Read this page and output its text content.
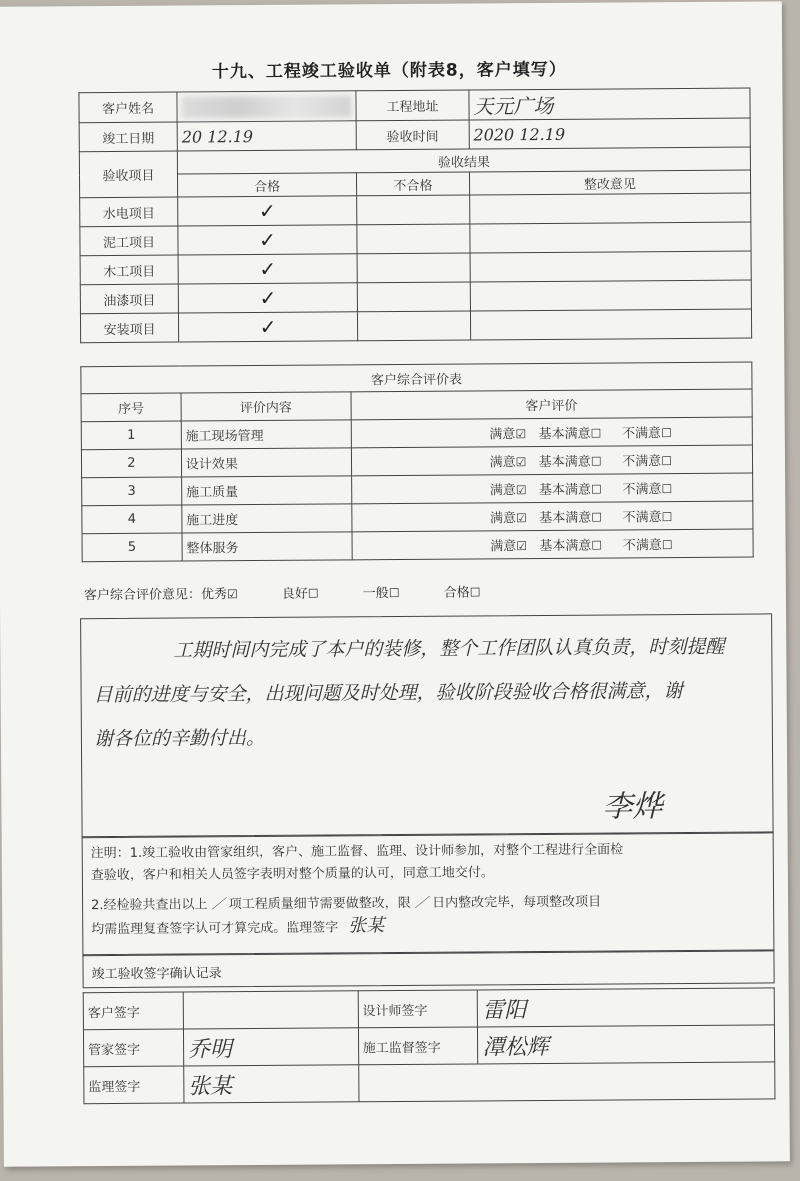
十九、工程竣工验收单（附表8，客户填写）
客户姓名		工程地址	天元广场
竣工日期	20 12.19	验收时间	2020 12.19
验收项目	验收结果		
	合格	不合格	整改意见
水电项目	✓		
泥工项目	✓		
木工项目	✓		
油漆项目	✓		
安装项目	✓		
客户综合评价表		
序号	评价内容	客户评价
1	施工现场管理	满意☑ 基本满意☐ 不满意☐
2	设计效果	满意☑ 基本满意☐ 不满意☐
3	施工质量	满意☑ 基本满意☐ 不满意☐
4	施工进度	满意☑ 基本满意☐ 不满意☐
5	整体服务	满意☑ 基本满意☐ 不满意☐
客户综合评价意见：优秀☑	良好☐	一般☐	合格☐
工期时间内完成了本户的装修，整个工作团队认真负责，时刻提醒
目前的进度与安全，出现问题及时处理，验收阶段验收合格很满意，谢
谢各位的辛勤付出。
李烨
注明：1.竣工验收由管家组织，客户、施工监督、监理、设计师参加，对整个工程进行全面检
查验收，客户和相关人员签字表明对整个质量的认可，同意工地交付。
2.经检验共查出以上 ／ 项工程质量细节需要做整改，限 ／ 日内整改完毕，每项整改项目
均需监理复查签字认可才算完成。监理签字 张某
竣工验收签字确认记录
客户签字		设计师签字	雷阳
管家签字	乔明	施工监督签字	潭松辉
监理签字	张某		
